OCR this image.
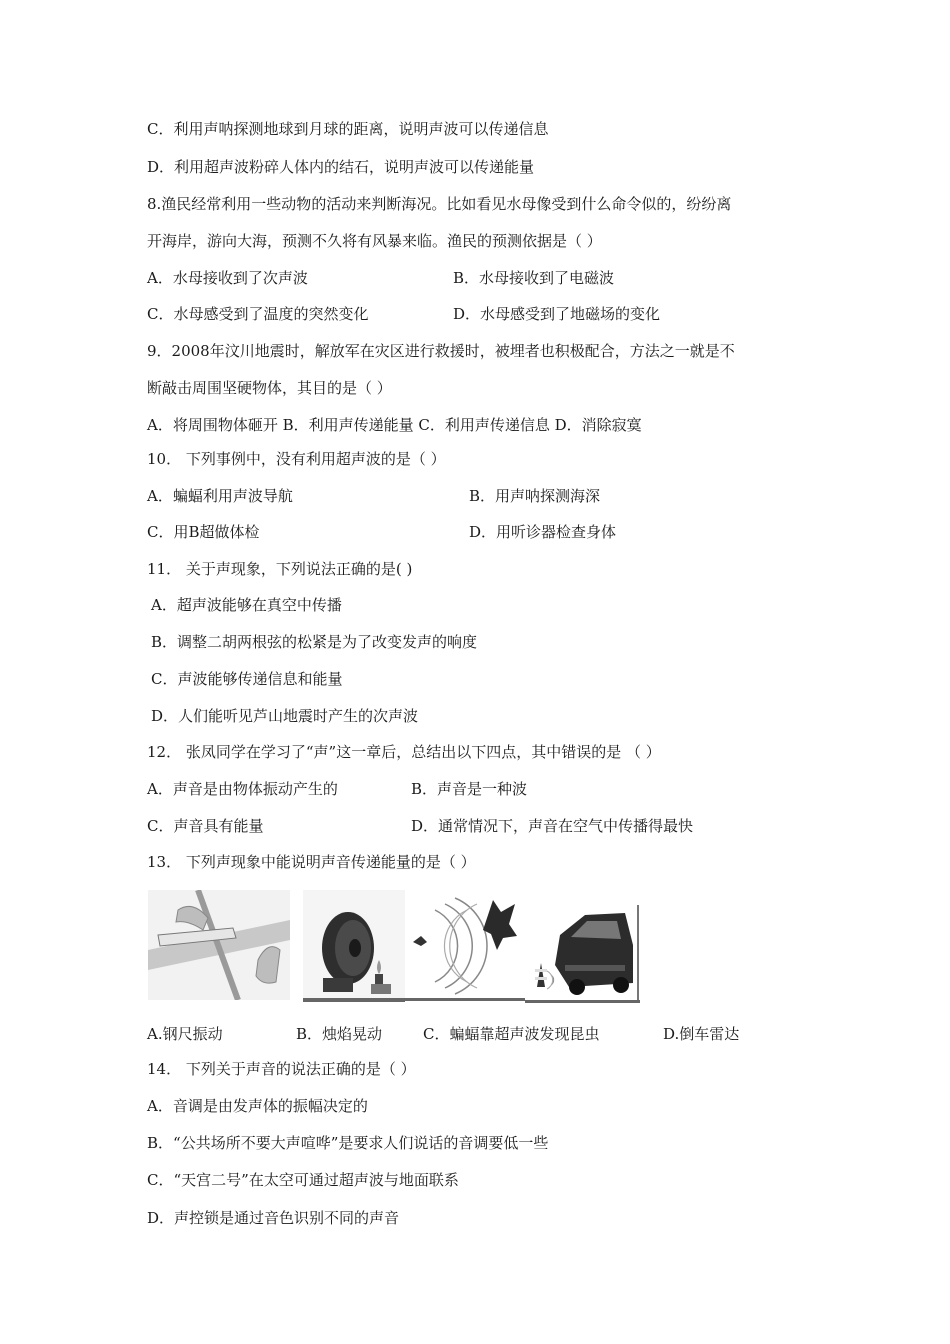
C．利用声呐探测地球到月球的距离，说明声波可以传递信息
D．利用超声波粉碎人体内的结石，说明声波可以传递能量
8.渔民经常利用一些动物的活动来判断海况。比如看见水母像受到什么命令似的，纷纷离
开海岸，游向大海，预测不久将有风暴来临。渔民的预测依据是（ ）
A．水母接收到了次声波	B．水母接收到了电磁波
C．水母感受到了温度的突然变化	D．水母感受到了地磁场的变化
9．2008年汶川地震时，解放军在灾区进行救援时，被埋者也积极配合，方法之一就是不
断敲击周围坚硬物体，其目的是（ ）
A．将周围物体砸开 B．利用声传递能量 C．利用声传递信息 D．消除寂寞
10． 下列事例中，没有利用超声波的是（ ）
A．蝙蝠利用声波导航	B．用声呐探测海深
C．用B超做体检	D．用听诊器检查身体
11． 关于声现象，下列说法正确的是( )
A．超声波能够在真空中传播
B．调整二胡两根弦的松紧是为了改变发声的响度
C．声波能够传递信息和能量
D．人们能听见芦山地震时产生的次声波
12． 张凤同学在学习了“声”这一章后，总结出以下四点，其中错误的是 （ ）
A．声音是由物体振动产生的	B．声音是一种波
C．声音具有能量	D．通常情况下，声音在空气中传播得最快
13． 下列声现象中能说明声音传递能量的是（ ）
A.钢尺振动	B．烛焰晃动	C．蝙蝠靠超声波发现昆虫	D.倒车雷达
14． 下列关于声音的说法正确的是（ ）
A．音调是由发声体的振幅决定的
B．“公共场所不要大声喧哗”是要求人们说话的音调要低一些
C．“天宫二号”在太空可通过超声波与地面联系
D．声控锁是通过音色识别不同的声音
